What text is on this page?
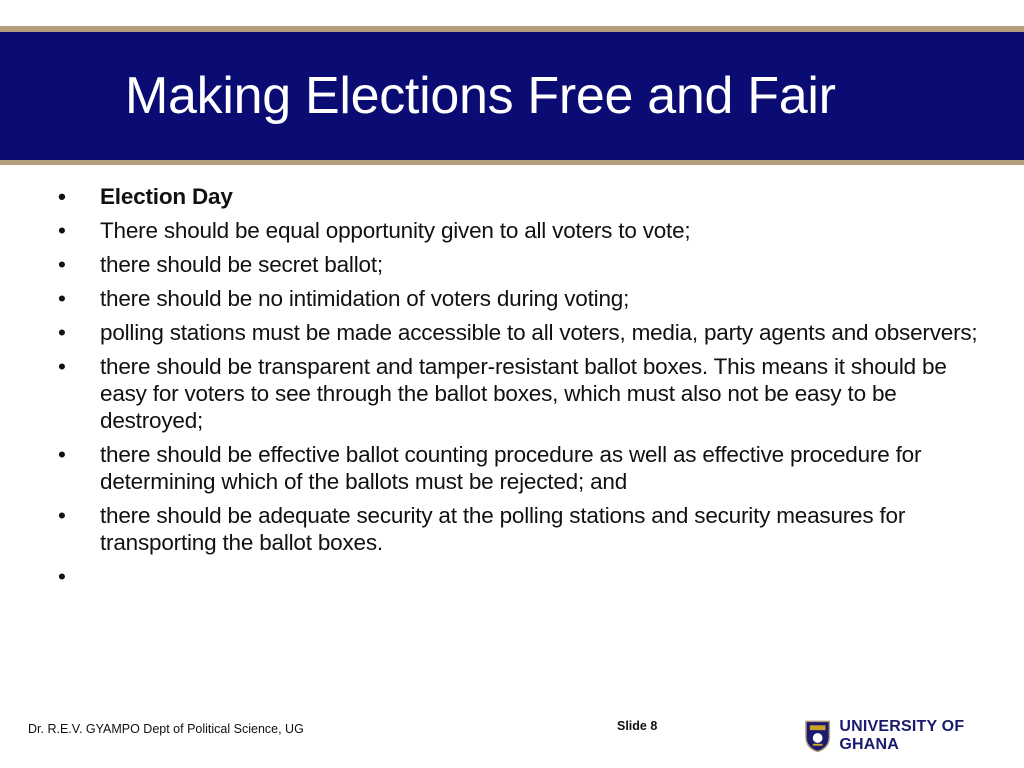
Making Elections Free and Fair
• Election Day
• There should be equal opportunity given to all voters to vote;
• there should be secret ballot;
• there should be no intimidation of voters during voting;
• polling stations must be made accessible to all voters, media, party agents and observers;
• there should be transparent and tamper-resistant ballot boxes. This means it should be easy for voters to see through the ballot boxes, which must also not be easy to be destroyed;
• there should be effective ballot counting procedure as well as effective procedure for determining which of the ballots must be rejected; and
• there should be adequate security at the polling stations and security measures for transporting the ballot boxes.
Dr. R.E.V. GYAMPO Dept of Political Science, UG	Slide 8	UNIVERSITY OF GHANA
